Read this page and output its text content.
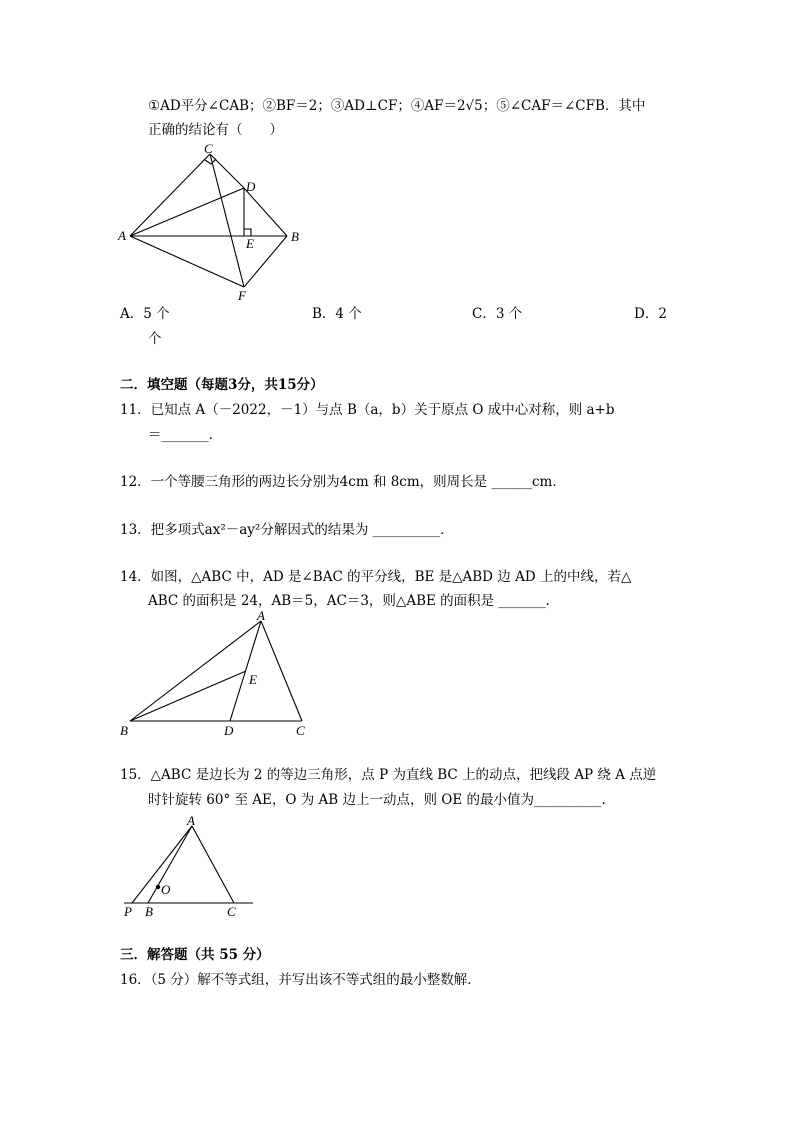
①AD平分∠CAB；②BF＝2；③AD⊥CF；④AF＝2√5；⑤∠CAF＝∠CFB．其中
正确的结论有（　　）
C
D
A
E	B
F
A．5 个	B．4 个	C．3 个	D．2
个
二．填空题（每题3分，共15分）
11．已知点 A（－2022，－1）与点 B（a，b）关于原点 O 成中心对称，则 a+b
＝_______．
12．一个等腰三角形的两边长分别为4cm 和 8cm，则周长是 ______cm．
13．把多项式ax²－ay²分解因式的结果为 __________．
14．如图，△ABC 中，AD 是∠BAC 的平分线，BE 是△ABD 边 AD 上的中线，若△
ABC 的面积是 24，AB＝5，AC＝3，则△ABE 的面积是 _______．
A
E
B	D	C
15．△ABC 是边长为 2 的等边三角形，点 P 为直线 BC 上的动点，把线段 AP 绕 A 点逆
时针旋转 60° 至 AE，O 为 AB 边上一动点，则 OE 的最小值为__________．
A
O
P B	C
三．解答题（共 55 分）
16．（5 分）解不等式组，并写出该不等式组的最小整数解．
